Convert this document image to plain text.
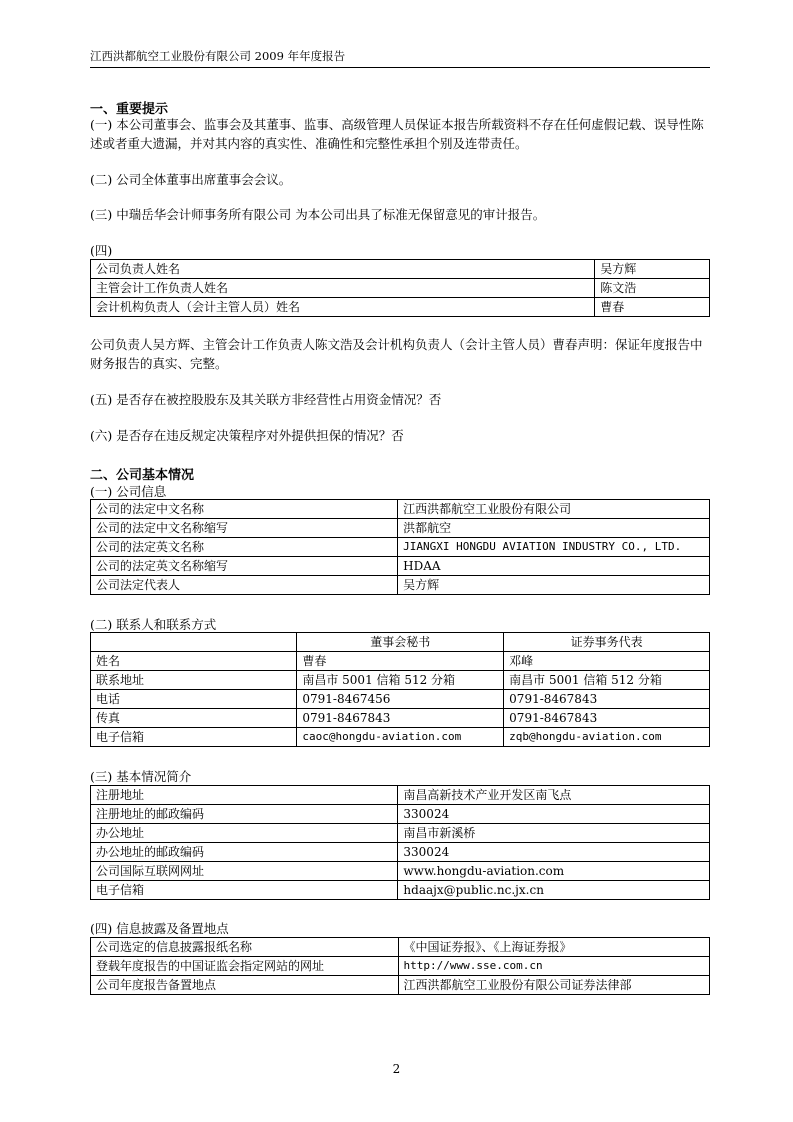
江西洪都航空工业股份有限公司 2009 年年度报告
一、重要提示
(一) 本公司董事会、监事会及其董事、监事、高级管理人员保证本报告所载资料不存在任何虚假记载、误导性陈述或者重大遗漏，并对其内容的真实性、准确性和完整性承担个别及连带责任。
(二) 公司全体董事出席董事会会议。
(三) 中瑞岳华会计师事务所有限公司 为本公司出具了标准无保留意见的审计报告。
(四)
公司负责人姓名	吴方辉
主管会计工作负责人姓名	陈文浩
会计机构负责人（会计主管人员）姓名	曹春
公司负责人吴方辉、主管会计工作负责人陈文浩及会计机构负责人（会计主管人员）曹春声明：保证年度报告中财务报告的真实、完整。
(五) 是否存在被控股股东及其关联方非经营性占用资金情况？否
(六) 是否存在违反规定决策程序对外提供担保的情况？否
二、公司基本情况
(一) 公司信息
公司的法定中文名称	江西洪都航空工业股份有限公司
公司的法定中文名称缩写	洪都航空
公司的法定英文名称	JIANGXI HONGDU AVIATION INDUSTRY CO., LTD.
公司的法定英文名称缩写	HDAA
公司法定代表人	吴方辉
(二) 联系人和联系方式
	董事会秘书	证券事务代表
姓名	曹春	邓峰
联系地址	南昌市 5001 信箱 512 分箱	南昌市 5001 信箱 512 分箱
电话	0791-8467456	0791-8467843
传真	0791-8467843	0791-8467843
电子信箱	caoc@hongdu-aviation.com	zqb@hongdu-aviation.com
(三) 基本情况简介
注册地址	南昌高新技术产业开发区南飞点
注册地址的邮政编码	330024
办公地址	南昌市新溪桥
办公地址的邮政编码	330024
公司国际互联网网址	www.hongdu-aviation.com
电子信箱	hdaajx@public.nc.jx.cn
(四) 信息披露及备置地点
公司选定的信息披露报纸名称	《中国证券报》、《上海证券报》
登载年度报告的中国证监会指定网站的网址	http://www.sse.com.cn
公司年度报告备置地点	江西洪都航空工业股份有限公司证券法律部
2
